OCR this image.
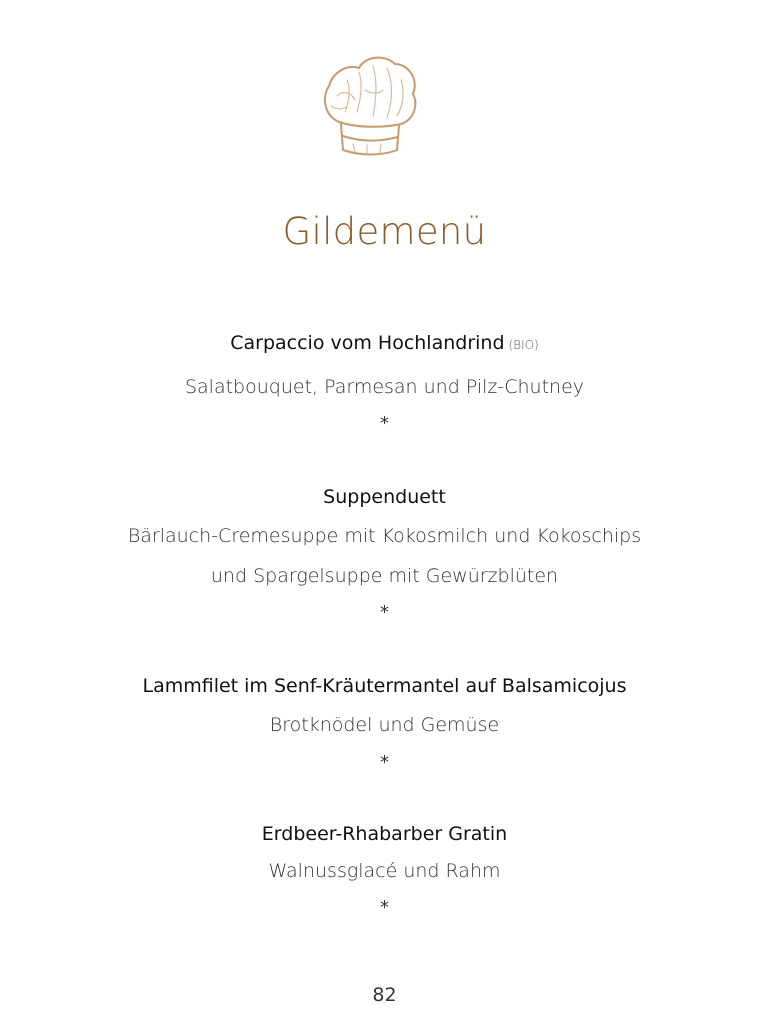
Gildemenü
Carpaccio vom Hochlandrind (BIO)
Salatbouquet, Parmesan und Pilz-Chutney
*
Suppenduett
Bärlauch-Cremesuppe mit Kokosmilch und Kokoschips
und Spargelsuppe mit Gewürzblüten
*
Lammfilet im Senf-Kräutermantel auf Balsamicojus
Brotknödel und Gemüse
*
Erdbeer-Rhabarber Gratin
Walnussglacé und Rahm
*
82
